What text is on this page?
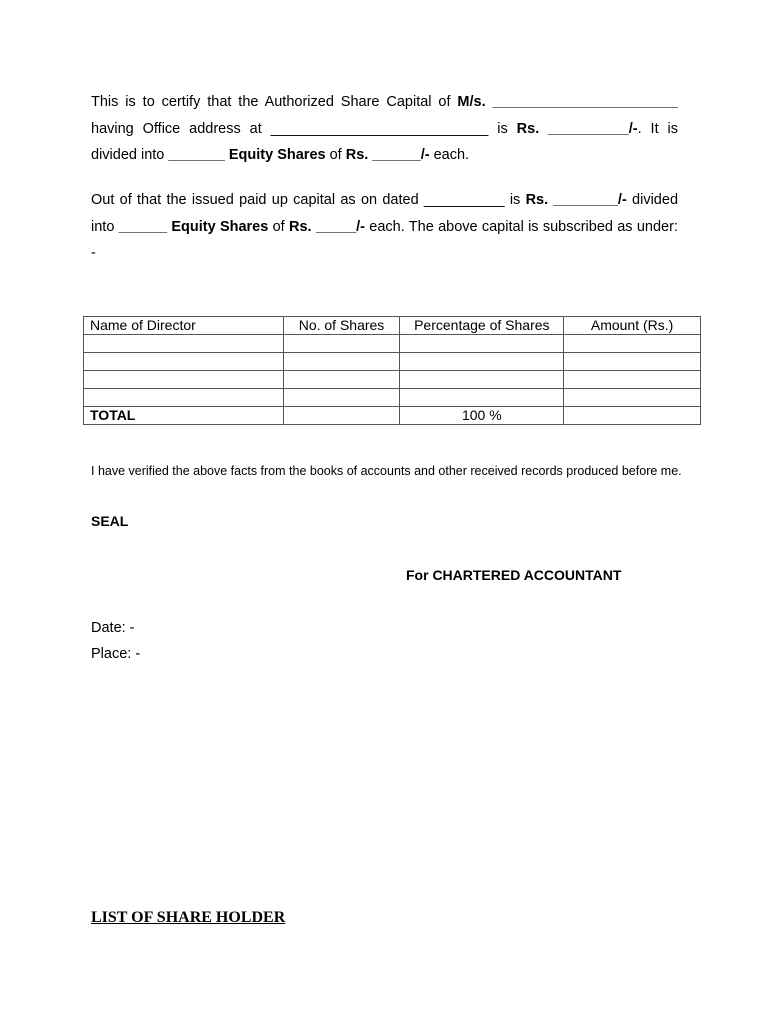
This is to certify that the Authorized Share Capital of M/s. _______________________ having Office address at ___________________________ is Rs. __________/-. It is divided into _______ Equity Shares of Rs. ______/- each.
Out of that the issued paid up capital as on dated __________ is Rs. ________/- divided into ______ Equity Shares of Rs. _____/- each. The above capital is subscribed as under: -
Name of Director	No. of Shares	Percentage of Shares	Amount (Rs.)

TOTAL		100 %	
I have verified the above facts from the books of accounts and other received records produced before me.
SEAL
For CHARTERED ACCOUNTANT
Date: -
Place: -
LIST OF SHARE HOLDER
